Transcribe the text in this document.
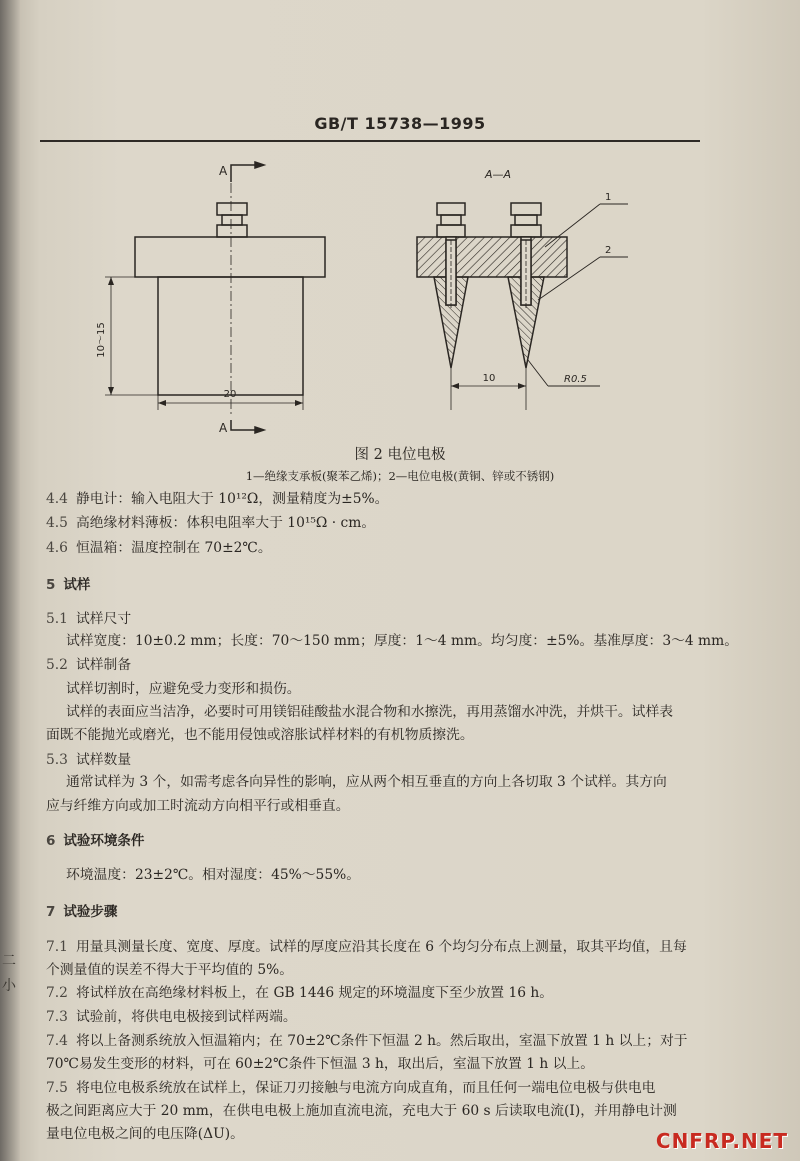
二
小
GB/T 15738—1995
A
A
A—A
10～15
20
10	R0.5
1
2
图 2 电位电极
1—绝缘支承板(聚苯乙烯)；2—电位电极(黄铜、锌或不锈钢)
4.4 静电计：输入电阻大于 10¹²Ω，测量精度为±5%。
4.5 高绝缘材料薄板：体积电阻率大于 10¹⁵Ω · cm。
4.6 恒温箱：温度控制在 70±2℃。
5 试样
5.1 试样尺寸
试样宽度：10±0.2 mm；长度：70～150 mm；厚度：1～4 mm。均匀度：±5%。基准厚度：3～4 mm。
5.2 试样制备
试样切割时，应避免受力变形和损伤。
试样的表面应当洁净，必要时可用镁铝硅酸盐水混合物和水擦洗，再用蒸馏水冲洗，并烘干。试样表
面既不能抛光或磨光，也不能用侵蚀或溶胀试样材料的有机物质擦洗。
5.3 试样数量
通常试样为 3 个，如需考虑各向异性的影响，应从两个相互垂直的方向上各切取 3 个试样。其方向
应与纤维方向或加工时流动方向相平行或相垂直。
6 试验环境条件
环境温度：23±2℃。相对湿度：45%～55%。
7 试验步骤
7.1 用量具测量长度、宽度、厚度。试样的厚度应沿其长度在 6 个均匀分布点上测量，取其平均值，且每
个测量值的误差不得大于平均值的 5%。
7.2 将试样放在高绝缘材料板上，在 GB 1446 规定的环境温度下至少放置 16 h。
7.3 试验前，将供电电极接到试样两端。
7.4 将以上备测系统放入恒温箱内；在 70±2℃条件下恒温 2 h。然后取出，室温下放置 1 h 以上；对于
70℃易发生变形的材料，可在 60±2℃条件下恒温 3 h，取出后，室温下放置 1 h 以上。
7.5 将电位电极系统放在试样上，保证刀刃接触与电流方向成直角，而且任何一端电位电极与供电电
极之间距离应大于 20 mm，在供电电极上施加直流电流，充电大于 60 s 后读取电流(I)，并用静电计测
量电位电极之间的电压降(ΔU)。	CNFRP.NET
